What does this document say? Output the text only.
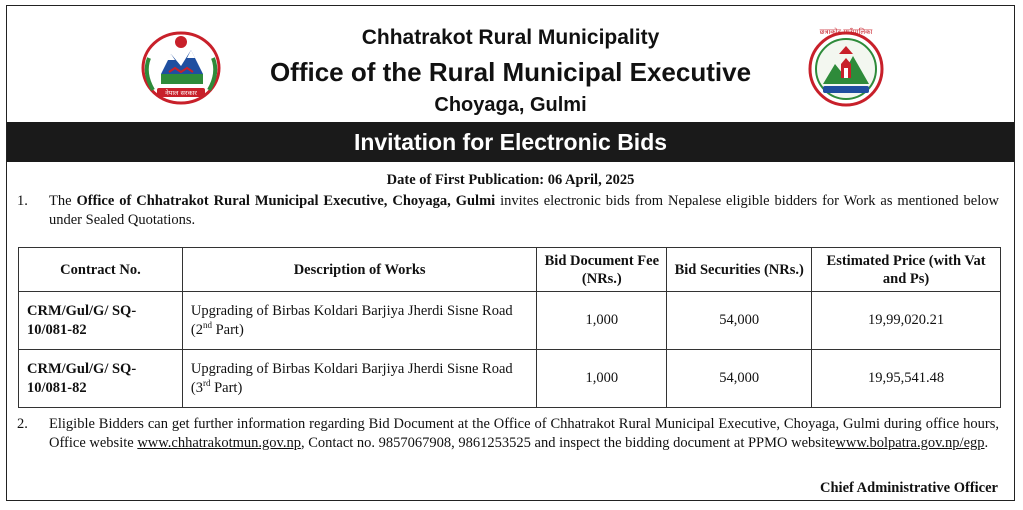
नेपाल सरकार
छत्राकोट गाउँपालिका
Chhatrakot Rural Municipality
Office of the Rural Municipal Executive
Choyaga, Gulmi
Invitation for Electronic Bids
Date of First Publication: 06 April, 2025
1. The Office of Chhatrakot Rural Municipal Executive, Choyaga, Gulmi invites electronic bids from Nepalese eligible bidders for Work as mentioned below under Sealed Quotations.
Contract No.	Description of Works	Bid Document Fee (NRs.)	Bid Securities (NRs.)	Estimated Price (with Vat and Ps)
CRM/Gul/G/ SQ-10/081-82	Upgrading of Birbas Koldari Barjiya Jherdi Sisne Road (2nd Part)	1,000	54,000	19,99,020.21
CRM/Gul/G/ SQ-10/081-82	Upgrading of Birbas Koldari Barjiya Jherdi Sisne Road (3rd Part)	1,000	54,000	19,95,541.48
2. Eligible Bidders can get further information regarding Bid Document at the Office of Chhatrakot Rural Municipal Executive, Choyaga, Gulmi during office hours, Office website www.chhatrakotmun.gov.np, Contact no. 9857067908, 9861253525 and inspect the bidding document at PPMO websitewww.bolpatra.gov.np/egp.
Chief Administrative Officer
